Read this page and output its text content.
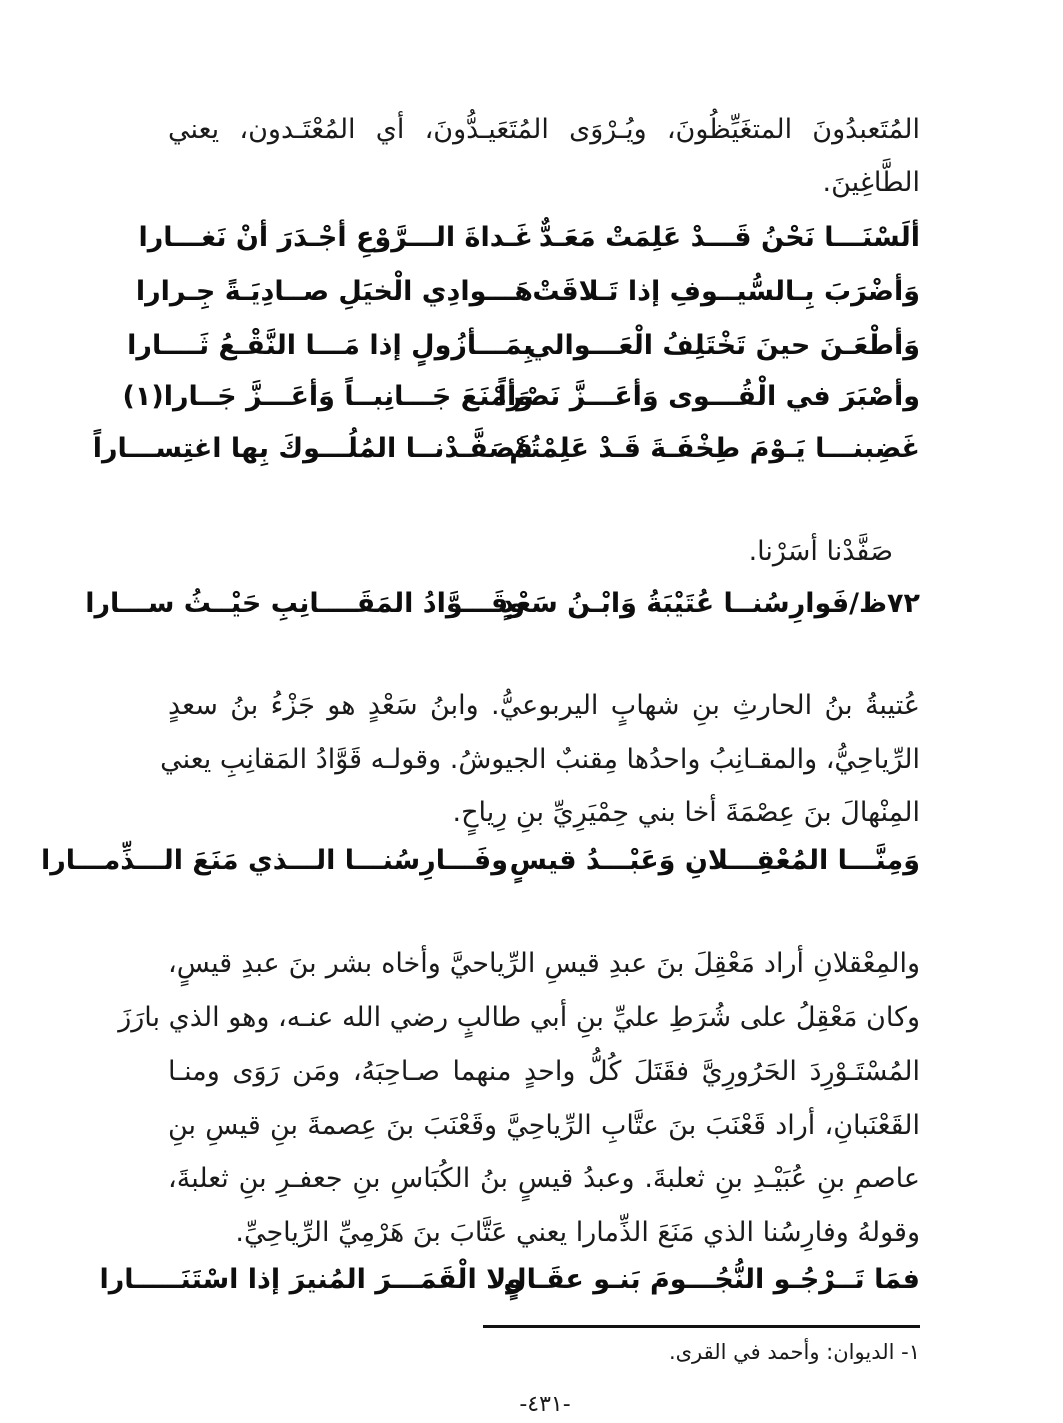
المُتَعبدُونَ المتغَيِّظُونَ، ويُـرْوَى المُتَعَيـدُّونَ، أي المُعْتَـدون، يعني
الطَّاغِينَ.
ألَسْنَـــا نَحْنُ قَـــدْ عَلِمَتْ مَعَـدٌّ
غَـداةَ الـــرَّوْعِ أجْـدَرَ أنْ نَغـــارا
وَأضْرَبَ بِـالسُّيــوفِ إذا تَـلاقَتْ
هَـــوادِي الْخيَلِ صــادِيَـةً جِـرارا
وَأطْعَـنَ حينَ تَخْتَلِفُ الْعَـــوالي
بِمَـــأزُولٍ إذا مَـــا النَّقْـعُ ثَــــارا
وأصْبَرَ في الْقُـــوى وَأعَـــزَّ نَصْراً
وَأمْنَعَ جَـــانِبــاً وَأعَـــزَّ جَــارا(١)
غَضِبنـــا يَـوْمَ طِخْفَـةَ قَـدْ عَلِمْتُمْ
فَصَفَّـدْنــا المُلُـــوكَ بِها اغتِســـاراً
صَفَّدْنا أسَرْنا.
٧٢ظ/فَوارِسُنــا عُتَيْبَةُ وَابْـنُ سَعْدٍ
وقَـــوَّادُ المَقَــــانِبِ حَيْــثُ ســـارا
عُتيبةُ بنُ الحارثِ بنِ شهابٍ اليربوعيُّ. وابنُ سَعْدٍ هو جَزْءُ بنُ سعدٍ
الرِّياحِيُّ، والمقـانِبُ واحدُها مِقنبٌ الجيوشُ. وقولـه قَوَّادُ المَقانِبِ يعني
المِنْهالَ بنَ عِصْمَةَ أخا بني حِمْيَرِيِّ بنِ رِياحٍ.
وَمِنَّـــا المُعْقِـــلانِ وَعَبْـــدُ قيسٍ
وفَـــارِسُنـــا الـــذي مَنَعَ الـــذِّمـــارا
والمِعْقلانِ أراد مَعْقِلَ بنَ عبدِ قيسِ الرِّياحيَّ وأخاه بشر بنَ عبدِ قيسٍ،
وكان مَعْقِلُ على شُرَطِ عليِّ بنِ أبي طالبٍ رضي الله عنـه، وهو الذي بارَزَ
المُسْتَـوْرِدَ الحَرُورِيَّ فقَتَلَ كُلُّ واحدٍ منهما صـاحِبَهُ، ومَن رَوَى ومنـا
القَعْنَبانِ، أراد قَعْنَبَ بنَ عتَّابِ الرِّياحِيَّ وقَعْنَبَ بنَ عِصمةَ بنِ قيسِ بنِ
عاصمِ بنِ عُبَيْـدِ بنِ ثعلبةَ. وعبدُ قيسٍ بنُ الكُبَاسِ بنِ جعفـرِ بنِ ثعلبةَ،
وقولهُ وفارِسُنا الذي مَنَعَ الذِّمارا يعني عَتَّابَ بنَ هَرْمِيِّ الرِّياحِيِّ.
فمَا تَــرْجُـو النُّجُـــومَ بَنـو عقَـالٍ
ولا الْقَمَـــرَ المُنيرَ إذا اسْتَنَـــــارا
١- الديوان: وأحمد في القرى.
-٤٣١-
